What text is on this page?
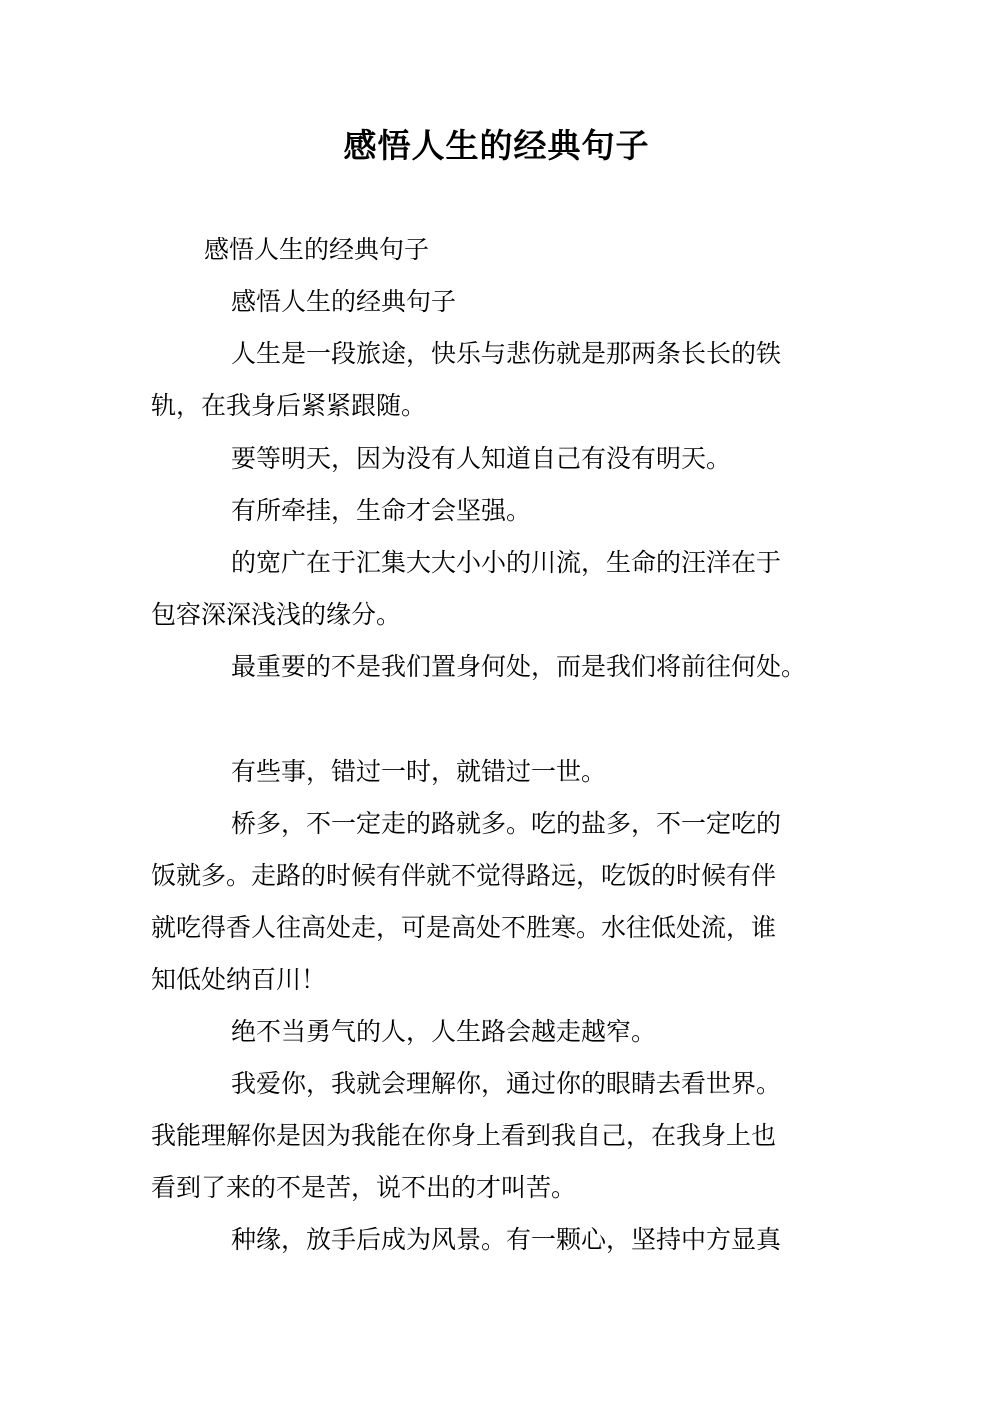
感悟人生的经典句子
感悟人生的经典句子
感悟人生的经典句子
人生是一段旅途，快乐与悲伤就是那两条长长的铁
轨，在我身后紧紧跟随。
要等明天，因为没有人知道自己有没有明天。
有所牵挂，生命才会坚强。
的宽广在于汇集大大小小的川流，生命的汪洋在于
包容深深浅浅的缘分。
最重要的不是我们置身何处，而是我们将前往何处。
有些事，错过一时，就错过一世。
桥多，不一定走的路就多。吃的盐多，不一定吃的
饭就多。走路的时候有伴就不觉得路远，吃饭的时候有伴
就吃得香人往高处走，可是高处不胜寒。水往低处流，谁
知低处纳百川！
绝不当勇气的人，人生路会越走越窄。
我爱你，我就会理解你，通过你的眼睛去看世界。
我能理解你是因为我能在你身上看到我自己，在我身上也
看到了来的不是苦，说不出的才叫苦。
种缘，放手后成为风景。有一颗心，坚持中方显真
